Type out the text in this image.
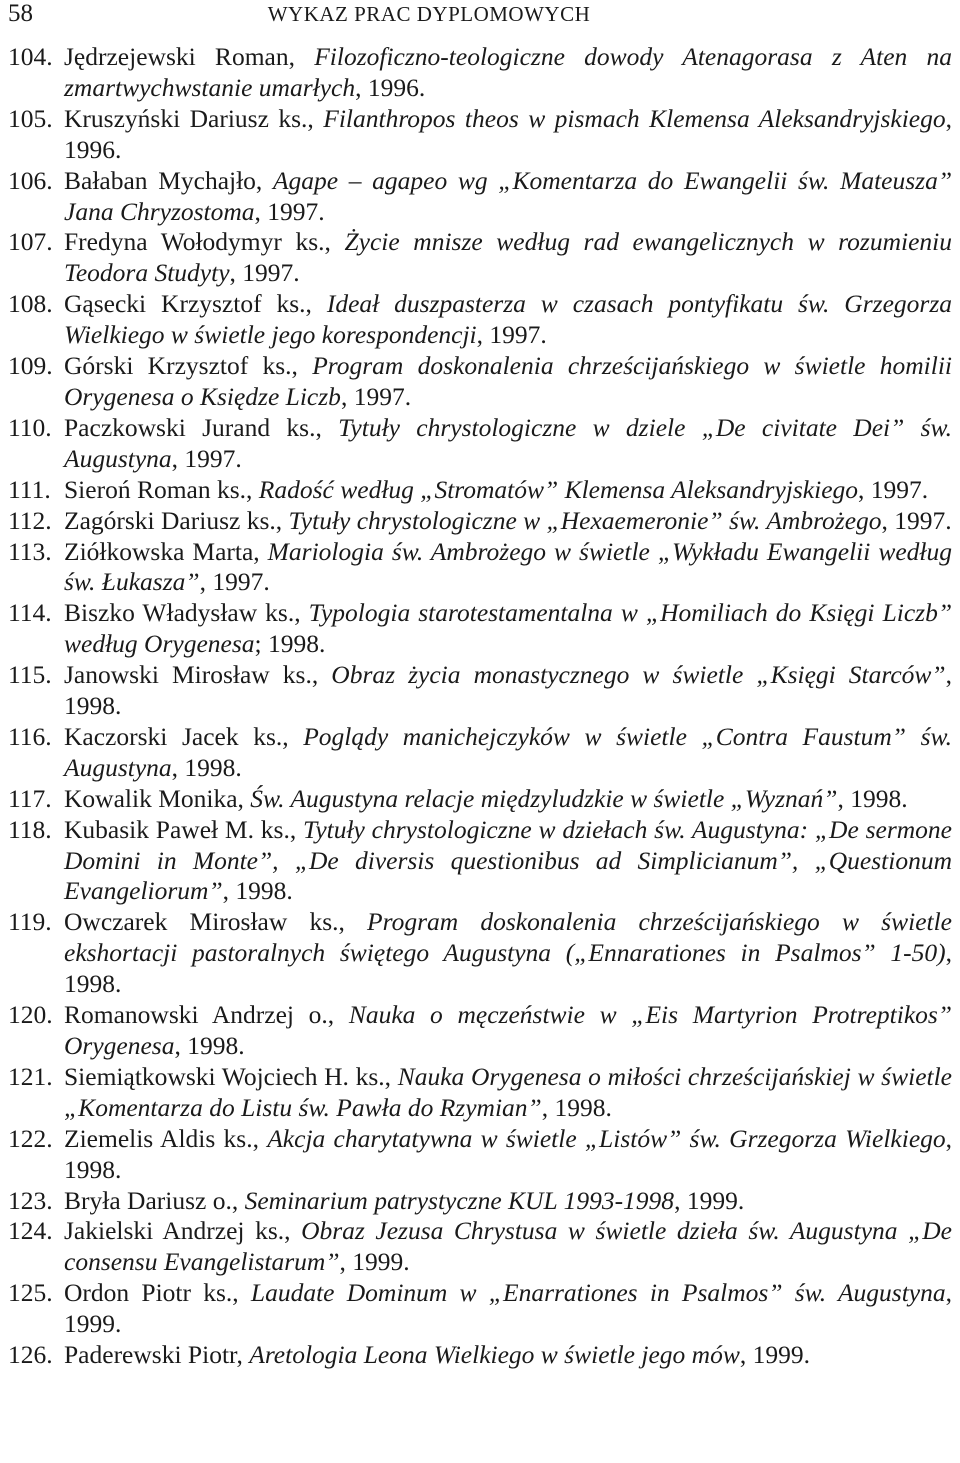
58	WYKAZ PRAC DYPLOMOWYCH
104. Jędrzejewski Roman, Filozoficzno-teologiczne dowody Atenagorasa z Aten na zmartwychwstanie umarłych, 1996.
105. Kruszyński Dariusz ks., Filanthropos theos w pismach Klemensa Aleksandryjskiego, 1996.
106. Bałaban Mychajło, Agape – agapeo wg „Komentarza do Ewangelii św. Mateusza” Jana Chryzostoma, 1997.
107. Fredyna Wołodymyr ks., Życie mnisze według rad ewangelicznych w rozumieniu Teodora Studyty, 1997.
108. Gąsecki Krzysztof ks., Ideał duszpasterza w czasach pontyfikatu św. Grzegorza Wielkiego w świetle jego korespondencji, 1997.
109. Górski Krzysztof ks., Program doskonalenia chrześcijańskiego w świetle homilii Orygenesa o Księdze Liczb, 1997.
110. Paczkowski Jurand ks., Tytuły chrystologiczne w dziele „De civitate Dei” św. Augustyna, 1997.
111. Sieroń Roman ks., Radość według „Stromatów” Klemensa Aleksandryjskiego, 1997.
112. Zagórski Dariusz ks., Tytuły chrystologiczne w „Hexaemeronie” św. Ambrożego, 1997.
113. Ziółkowska Marta, Mariologia św. Ambrożego w świetle „Wykładu Ewangelii według św. Łukasza”, 1997.
114. Biszko Władysław ks., Typologia starotestamentalna w „Homiliach do Księgi Liczb” według Orygenesa; 1998.
115. Janowski Mirosław ks., Obraz życia monastycznego w świetle „Księgi Starców”, 1998.
116. Kaczorski Jacek ks., Poglądy manichejczyków w świetle „Contra Faustum” św. Augustyna, 1998.
117. Kowalik Monika, Św. Augustyna relacje międzyludzkie w świetle „Wyznań”, 1998.
118. Kubasik Paweł M. ks., Tytuły chrystologiczne w dziełach św. Augustyna: „De sermone Domini in Monte”, „De diversis questionibus ad Simplicianum”, „Questionum Evangeliorum”, 1998.
119. Owczarek Mirosław ks., Program doskonalenia chrześcijańskiego w świetle ekshortacji pastoralnych świętego Augustyna („Ennarationes in Psalmos” 1-50), 1998.
120. Romanowski Andrzej o., Nauka o męczeństwie w „Eis Martyrion Protreptikos” Orygenesa, 1998.
121. Siemiątkowski Wojciech H. ks., Nauka Orygenesa o miłości chrześcijańskiej w świetle „Komentarza do Listu św. Pawła do Rzymian”, 1998.
122. Ziemelis Aldis ks., Akcja charytatywna w świetle „Listów” św. Grzegorza Wielkiego, 1998.
123. Bryła Dariusz o., Seminarium patrystyczne KUL 1993-1998, 1999.
124. Jakielski Andrzej ks., Obraz Jezusa Chrystusa w świetle dzieła św. Augustyna „De consensu Evangelistarum”, 1999.
125. Ordon Piotr ks., Laudate Dominum w „Enarrationes in Psalmos” św. Augustyna, 1999.
126. Paderewski Piotr, Aretologia Leona Wielkiego w świetle jego mów, 1999.
